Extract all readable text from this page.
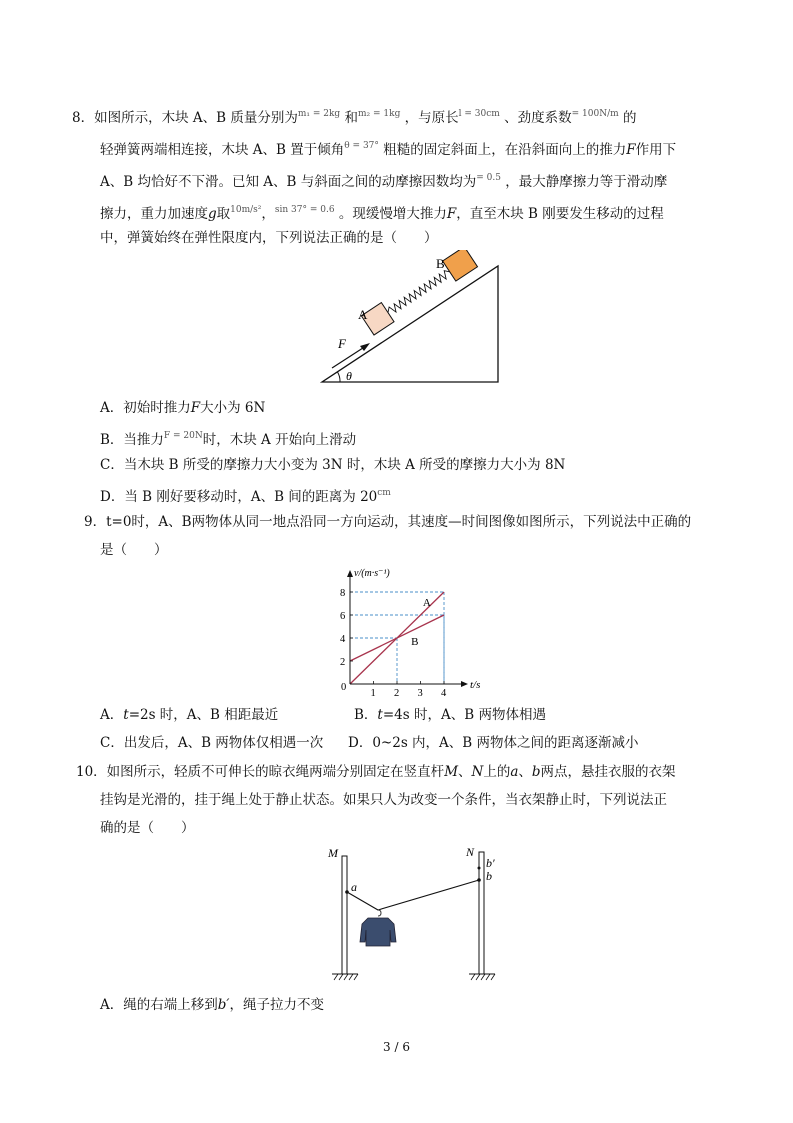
8．如图所示，木块 A、B 质量分别为$^{m_1 = 2kg}$ 和$^{m_2 = 1kg}$ ，与原长$^{l = 30cm}$ 、劲度系数$^{= 100N/m}$ 的
轻弹簧两端相连接，木块 A、B 置于倾角$^{\theta = 37^\circ}$ 粗糙的固定斜面上，在沿斜面向上的推力F作用下
A、B 均恰好不下滑。已知 A、B 与斜面之间的动摩擦因数均为$^{= 0.5}$ ，最大静摩擦力等于滑动摩
擦力，重力加速度g取$^{10m/s^2}$，$^{sin 37^\circ = 0.6}$ 。现缓慢增大推力F，直至木块 B 刚要发生移动的过程
中，弹簧始终在弹性限度内，下列说法正确的是（　　）
θ
F
A
B
A．初始时推力F大小为 6N
B．当推力$^{F = 20N}$时，木块 A 开始向上滑动
C．当木块 B 所受的摩擦力大小变为 3N 时，木块 A 所受的摩擦力大小为 8N
D．当 B 刚好要移动时，A、B 间的距离为 $20^{cm}$
9．t=0时，A、B两物体从同一地点沿同一方向运动，其速度—时间图像如图所示，下列说法中正确的
是（　　）
A
B
1 2 3 4
2
4
6
8
v/(m·s⁻¹)
t/s
0
A．t=2s 时，A、B 相距最近	B．t=4s 时，A、B 两物体相遇
C．出发后，A、B 两物体仅相遇一次 D．0~2s 内，A、B 两物体之间的距离逐渐减小
10．如图所示，轻质不可伸长的晾衣绳两端分别固定在竖直杆M、N上的a、b两点，悬挂衣服的衣架
挂钩是光滑的，挂于绳上处于静止状态。如果只人为改变一个条件，当衣架静止时，下列说法正
确的是（　　）
M	N
a
b
b′
A．绳的右端上移到b′，绳子拉力不变
3 / 6
